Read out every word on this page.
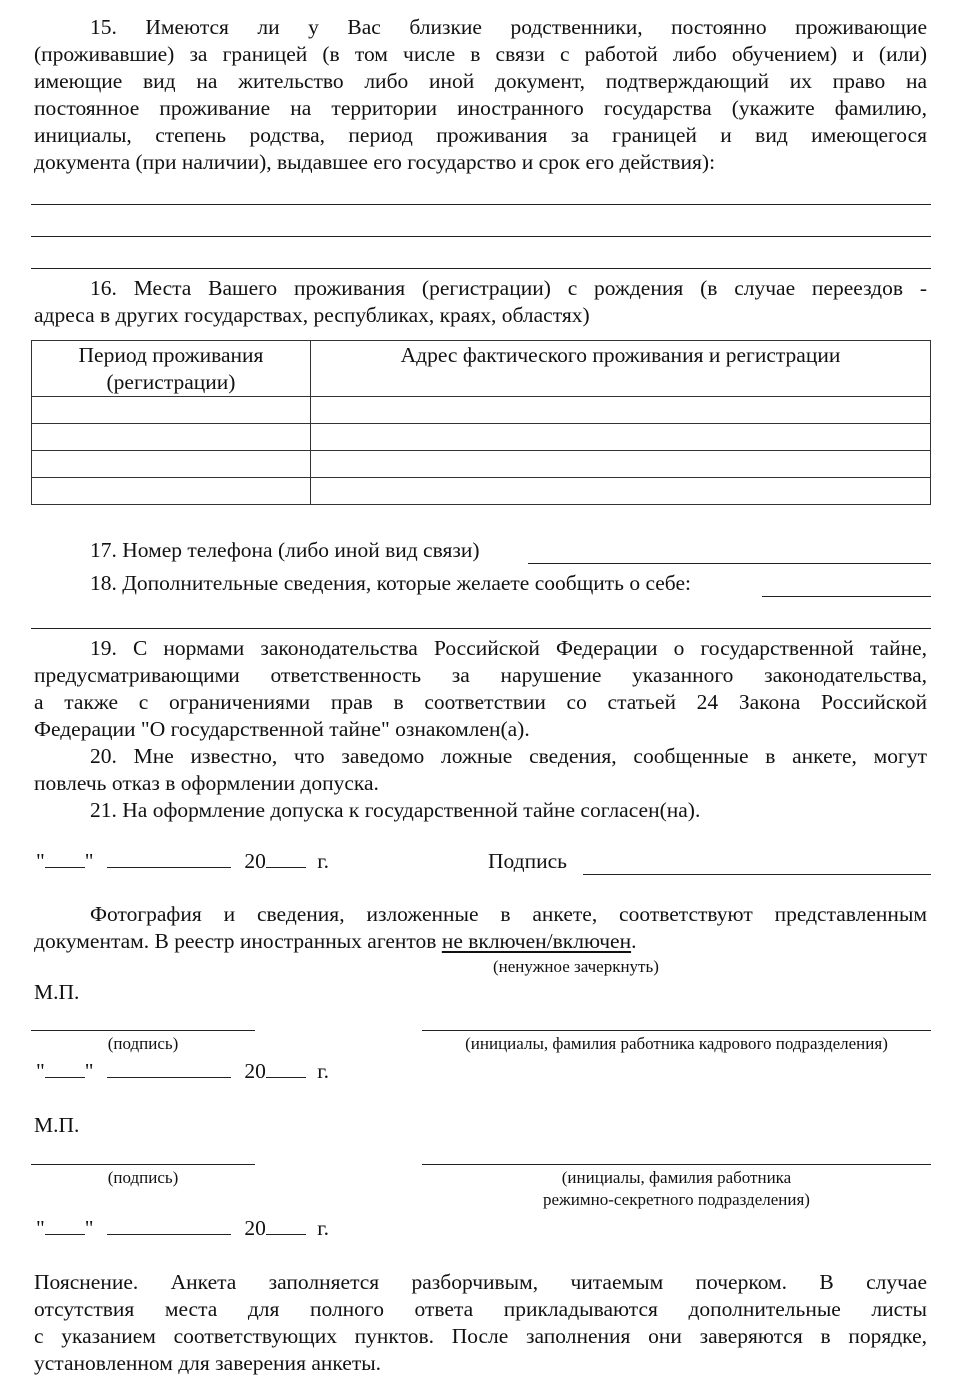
15. Имеются ли у Вас близкие родственники, постоянно проживающие
(проживавшие) за границей (в том числе в связи с работой либо обучением) и (или)
имеющие вид на жительство либо иной документ, подтверждающий их право на
постоянное проживание на территории иностранного государства (укажите фамилию,
инициалы, степень родства, период проживания за границей и вид имеющегося
документа (при наличии), выдавшее его государство и срок его действия):
16. Места Вашего проживания (регистрации) с рождения (в случае переездов -
адреса в других государствах, республиках, краях, областях)
Период проживания
(регистрации)	Адрес фактического проживания и регистрации

17. Номер телефона (либо иной вид связи)
18. Дополнительные сведения, которые желаете сообщить о себе:
19. С нормами законодательства Российской Федерации о государственной тайне,
предусматривающими ответственность за нарушение указанного законодательства,
а также с ограничениями прав в соответствии со статьей 24 Закона Российской
Федерации "О государственной тайне" ознакомлен(а).
20. Мне известно, что заведомо ложные сведения, сообщенные в анкете, могут
повлечь отказ в оформлении допуска.
21. На оформление допуска к государственной тайне согласен(на).
" "	20 г.	Подпись
Фотография и сведения, изложенные в анкете, соответствуют представленным
документам. В реестр иностранных агентов не включен/включен.
(ненужное зачеркнуть)
М.П.
(подпись)	(инициалы, фамилия работника кадрового подразделения)
" "	20 г.
М.П.
(подпись)	(инициалы, фамилия работника
режимно-секретного подразделения)
" "	20 г.
Пояснение. Анкета заполняется разборчивым, читаемым почерком. В случае
отсутствия места для полного ответа прикладываются дополнительные листы
с указанием соответствующих пунктов. После заполнения они заверяются в порядке,
установленном для заверения анкеты.
